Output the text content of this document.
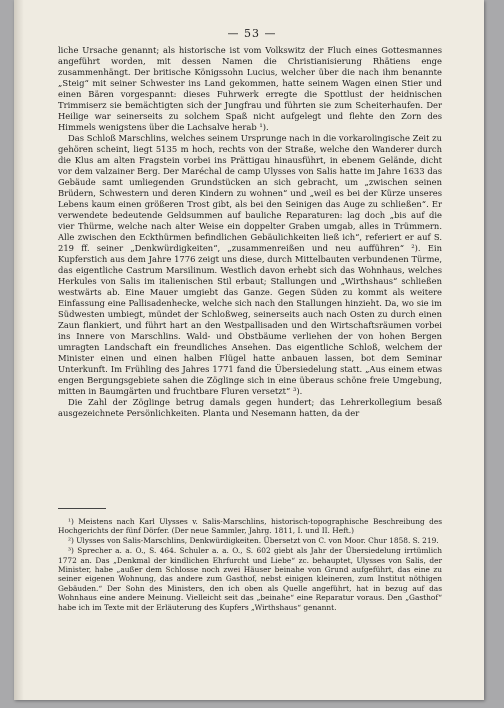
— 53 —

liche Ursache genannt; als historische ist vom Volkswitz der Fluch eines Gottesmannes angeführt worden, mit dessen Namen die Christianisierung Rhätiens enge zusammenhängt. Der britische Königssohn Lucius, welcher über die nach ihm benannte „Steig“ mit seiner Schwester ins Land gekommen, hatte seinem Wagen einen Stier und einen Bären vorgespannt: dieses Fuhrwerk erregte die Spottlust der heidnischen Trimmiserz sie bemächtigten sich der Jungfrau und führten sie zum Scheiterhaufen. Der Heilige war seinerseits zu solchem Spaß nicht aufgelegt und flehte den Zorn des Himmels wenigstens über die Lachsalve herab ¹).

Das Schloß Marschlins, welches seinem Ursprunge nach in die vorkarolingische Zeit zu gehören scheint, liegt 5135 m hoch, rechts von der Straße, welche den Wanderer durch die Klus am alten Fragstein vorbei ins Prättigau hinausführt, in ebenem Gelände, dicht vor dem valzainer Berg. Der Maréchal de camp Ulysses von Salis hatte im Jahre 1633 das Gebäude samt umliegenden Grundstücken an sich gebracht, um „zwischen seinen Brüdern, Schwestern und deren Kindern zu wohnen“ und „weil es bei der Kürze unseres Lebens kaum einen größeren Trost gibt, als bei den Seinigen das Auge zu schließen“. Er verwendete bedeutende Geldsummen auf bauliche Reparaturen: lag doch „bis auf die vier Thürme, welche nach alter Weise ein doppelter Graben umgab, alles in Trümmern. Alle zwischen den Eckthürmen befindlichen Gebäulichkeiten ließ ich“, referiert er auf S. 219 ff. seiner „Denkwürdigkeiten“, „zusammenreißen und neu aufführen“ ²). Ein Kupferstich aus dem Jahre 1776 zeigt uns diese, durch Mittelbauten verbundenen Türme, das eigentliche Castrum Marsilinum. Westlich davon erhebt sich das Wohnhaus, welches Herkules von Salis im italienischen Stil erbaut; Stallungen und „Wirthshaus“ schließen westwärts ab. Eine Mauer umgiebt das Ganze. Gegen Süden zu kommt als weitere Einfassung eine Pallisadenhecke, welche sich nach den Stallungen hinzieht. Da, wo sie im Südwesten umbiegt, mündet der Schloßweg, seinerseits auch nach Osten zu durch einen Zaun flankiert, und führt hart an den Westpallisaden und den Wirtschaftsräumen vorbei ins Innere von Marschlins. Wald- und Obstbäume verliehen der von hohen Bergen umragten Landschaft ein freundliches Ansehen. Das eigentliche Schloß, welchem der Minister einen und einen halben Flügel hatte anbauen lassen, bot dem Seminar Unterkunft. Im Frühling des Jahres 1771 fand die Übersiedelung statt. „Aus einem etwas engen Bergungsgebiete sahen die Zöglinge sich in eine überaus schöne freie Umgebung, mitten in Baumgärten und fruchtbare Fluren versetzt“ ³).

Die Zahl der Zöglinge betrug damals gegen hundert; das Lehrerkollegium besaß ausgezeichnete Persönlichkeiten. Planta und Nesemann hatten, da der

¹) Meistens nach Karl Ulysses v. Salis-Marschlins, historisch-topographische Beschreibung des Hochgerichts der fünf Dörfer. (Der neue Sammler, Jahrg. 1811, I. und II. Heft.)

²) Ulysses von Salis-Marschlins, Denkwürdigkeiten. Übersetzt von C. von Moor. Chur 1858. S. 219.

³) Sprecher a. a. O., S. 464. Schuler a. a. O., S. 602 giebt als Jahr der Übersiedelung irrtümlich 1772 an. Das „Denkmal der kindlichen Ehrfurcht und Liebe“ zc. behauptet, Ulysses von Salis, der Minister, habe „außer dem Schlosse noch zwei Häuser beinahe von Grund aufgeführt, das eine zu seiner eigenen Wohnung, das andere zum Gasthof, nebst einigen kleineren, zum Institut nöthigen Gebäuden.“ Der Sohn des Ministers, den ich oben als Quelle angeführt, hat in bezug auf das Wohnhaus eine andere Meinung. Vielleicht seit das „beinahe“ eine Reparatur voraus. Den „Gasthof“ habe ich im Texte mit der Erläuterung des Kupfers „Wirthshaus“ genannt.
